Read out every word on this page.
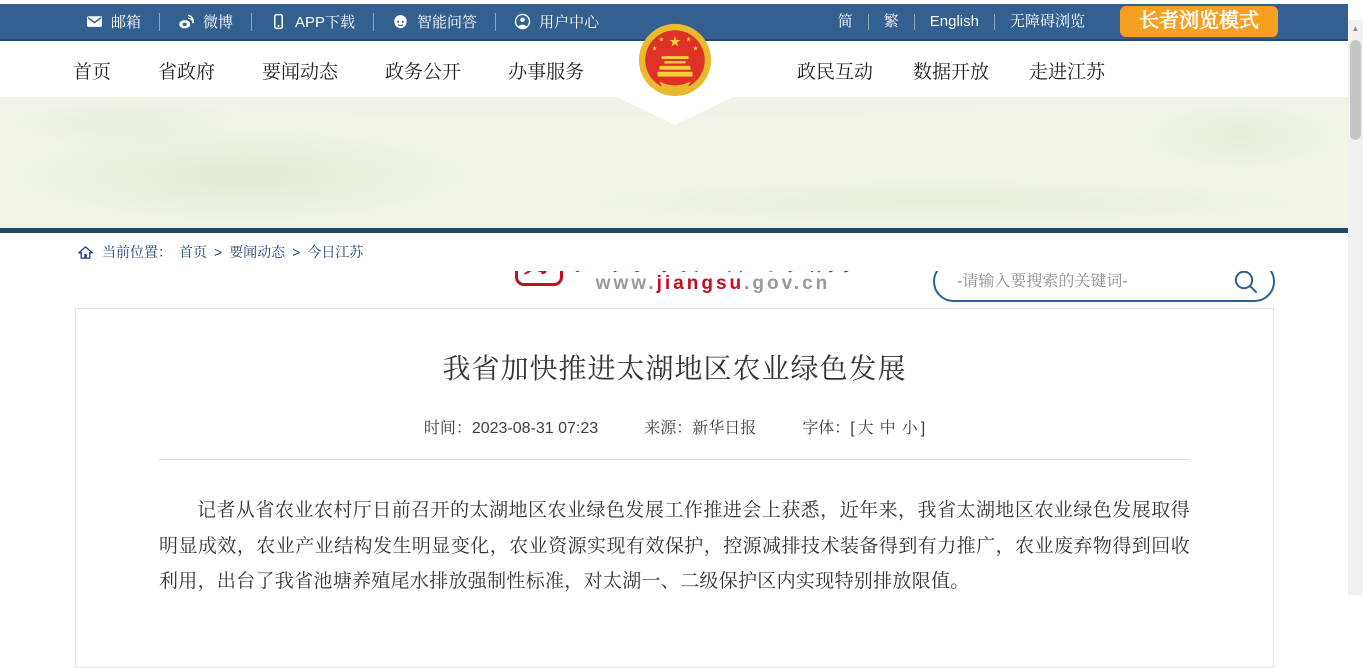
邮箱	微博	APP下载	智能问答	用户中心	简	繁	English	无障碍浏览	长者浏览模式
首页 省政府 要闻动态 政务公开 办事服务	政民互动 数据开放 走进江苏
www.jiangsu.gov.cn
-请输入要搜索的关键词-
★
★	★
★	★
当前位置： 首页 > 要闻动态 > 今日江苏
我省加快推进太湖地区农业绿色发展
时间：2023-08-31 07:23	来源：新华日报	字体：[ 大 中 小 ]

记者从省农业农村厅日前召开的太湖地区农业绿色发展工作推进会上获悉，近年来，我省太湖地区农业绿色发展取得明显成效，农业产业结构发生明显变化，农业资源实现有效保护，控源减排技术装备得到有力推广，农业废弃物得到回收利用，出台了我省池塘养殖尾水排放强制性标准，对太湖一、二级保护区内实现特别排放限值。

▲
